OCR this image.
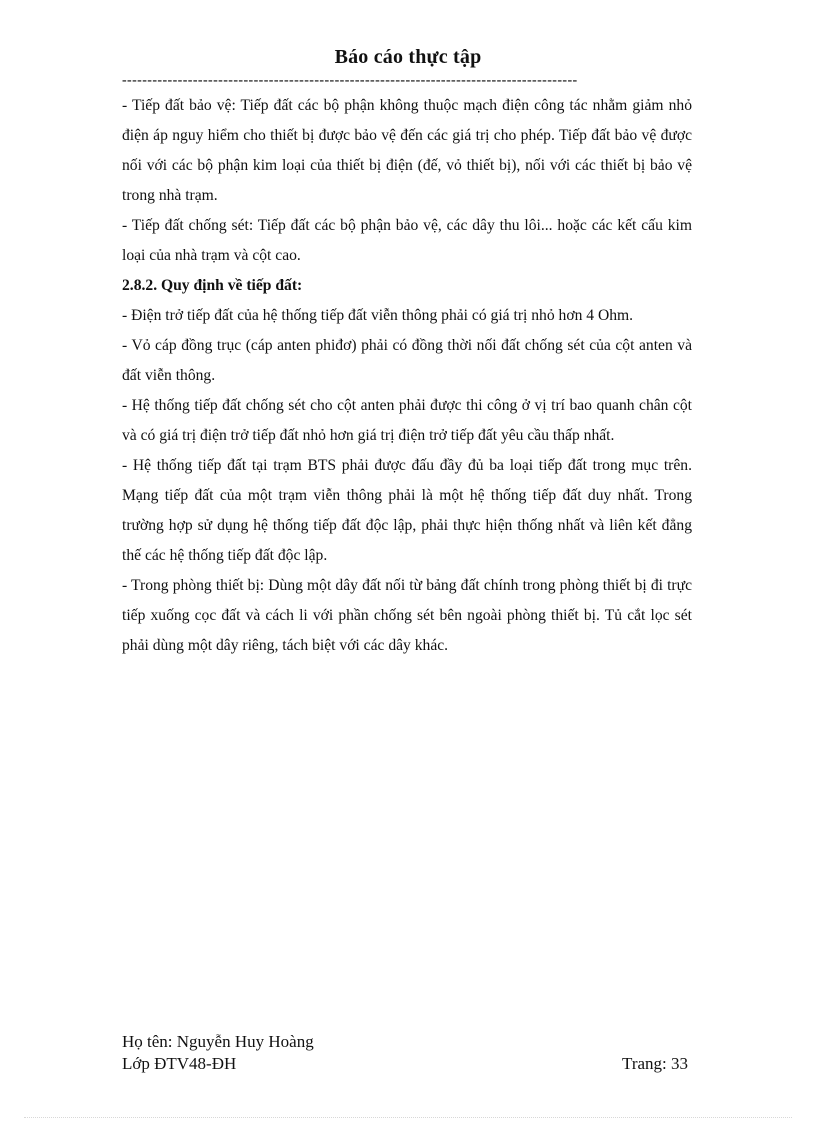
Báo cáo thực tập
------------------------------------------------------------------------------------------

- Tiếp đất bảo vệ: Tiếp đất các bộ phận không thuộc mạch điện công tác nhằm giảm nhỏ điện áp nguy hiểm cho thiết bị được bảo vệ đến các giá trị cho phép. Tiếp đất bảo vệ được nối với các bộ phận kim loại của thiết bị điện (đế, vỏ thiết bị), nối với các thiết bị bảo vệ trong nhà trạm.

- Tiếp đất chống sét: Tiếp đất các bộ phận bảo vệ, các dây thu lôi... hoặc các kết cấu kim loại của nhà trạm và cột cao.

2.8.2. Quy định về tiếp đất:

- Điện trở tiếp đất của hệ thống tiếp đất viễn thông phải có giá trị nhỏ hơn 4 Ohm.

- Vỏ cáp đồng trục (cáp anten phiđơ) phải có đồng thời nối đất chống sét của cột anten và đất viễn thông.

- Hệ thống tiếp đất chống sét cho cột anten phải được thi công ở vị trí bao quanh chân cột và có giá trị điện trở tiếp đất nhỏ hơn giá trị điện trở tiếp đất yêu cầu thấp nhất.

- Hệ thống tiếp đất tại trạm BTS phải được đấu đầy đủ ba loại tiếp đất trong mục trên. Mạng tiếp đất của một trạm viễn thông phải là một hệ thống tiếp đất duy nhất. Trong trường hợp sử dụng hệ thống tiếp đất độc lập, phải thực hiện thống nhất và liên kết đẳng thế các hệ thống tiếp đất độc lập.

- Trong phòng thiết bị: Dùng một dây đất nối từ bảng đất chính trong phòng thiết bị đi trực tiếp xuống cọc đất và cách li với phần chống sét bên ngoài phòng thiết bị. Tủ cắt lọc sét phải dùng một dây riêng, tách biệt với các dây khác.

Họ tên: Nguyễn Huy Hoàng
Lớp ĐTV48-ĐH	Trang: 33
